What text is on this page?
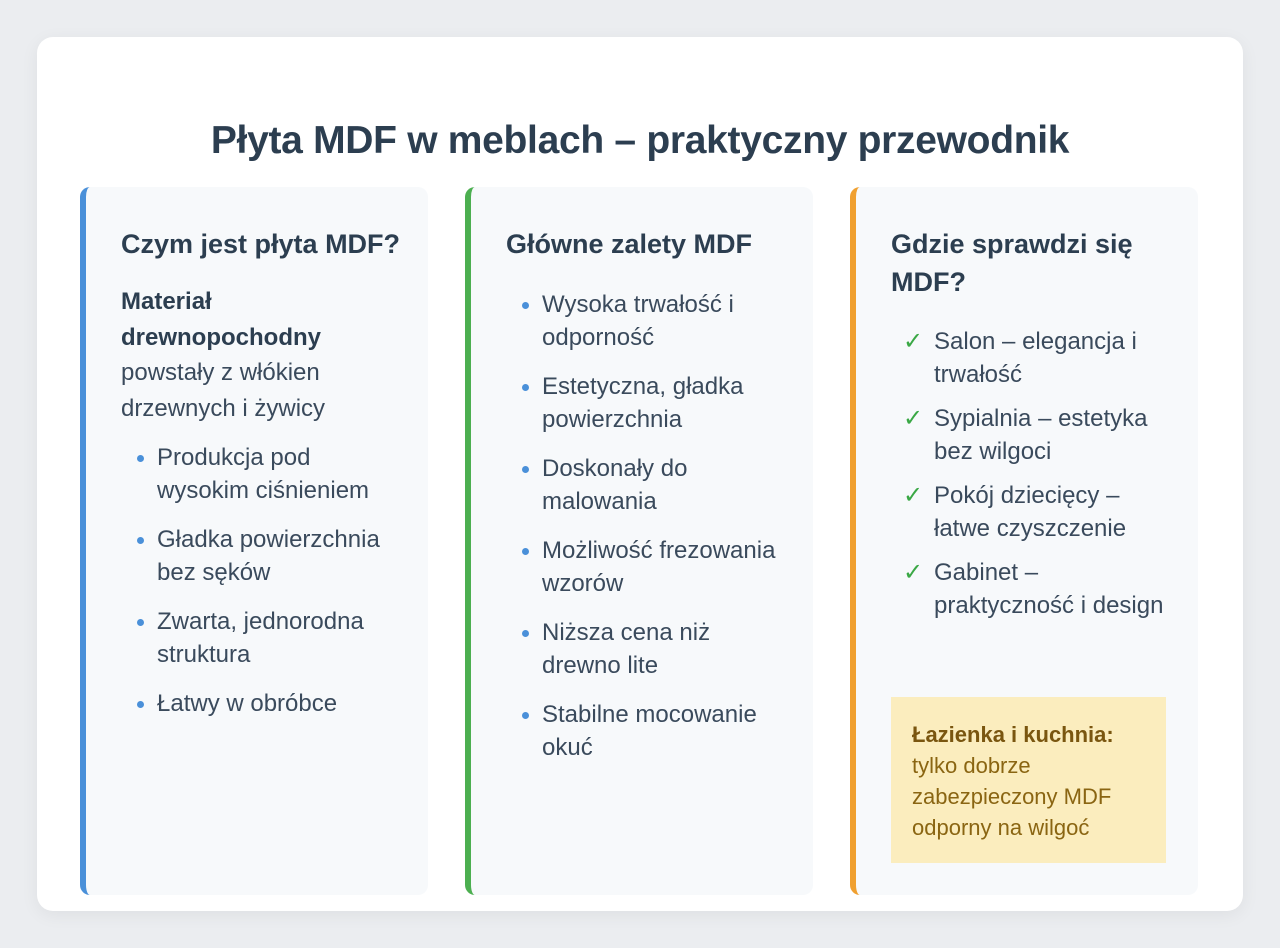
Płyta MDF w meblach – praktyczny przewodnik
Czym jest płyta MDF?

Materiał drewnopochodny powstały z włókien drzewnych i żywicy

Produkcja pod wysokim ciśnieniem
Gładka powierzchnia bez sęków
Zwarta, jednorodna struktura
Łatwy w obróbce
Główne zalety MDF
Wysoka trwałość i odporność
Estetyczna, gładka powierzchnia
Doskonały do malowania
Możliwość frezowania wzorów
Niższa cena niż drewno lite
Stabilne mocowanie okuć
Gdzie sprawdzi się MDF?
✓ Salon – elegancja i trwałość
✓ Sypialnia – estetyka bez wilgoci
✓ Pokój dziecięcy – łatwe czyszczenie
✓ Gabinet – praktyczność i design
Łazienka i kuchnia: tylko dobrze zabezpieczony MDF odporny na wilgoć
